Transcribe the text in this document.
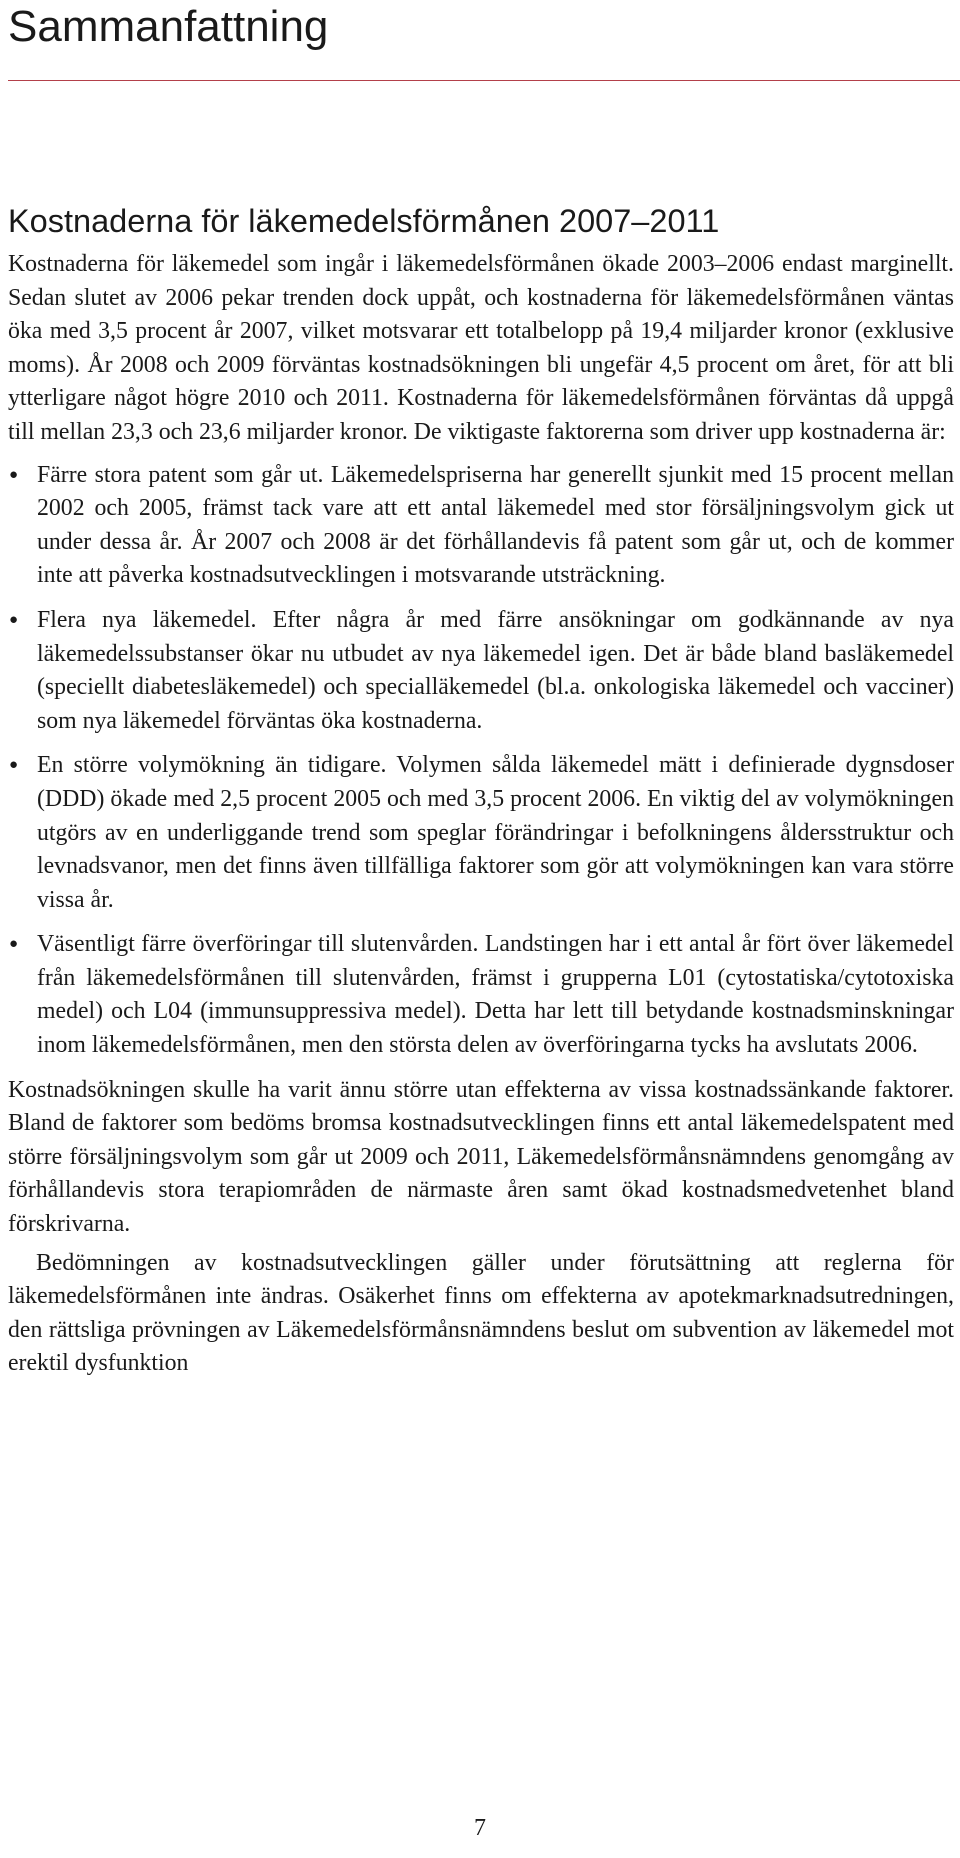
Sammanfattning
Kostnaderna för läkemedelsförmånen 2007–2011

Kostnaderna för läkemedel som ingår i läkemedelsförmånen ökade 2003–2006 endast marginellt. Sedan slutet av 2006 pekar trenden dock uppåt, och kostnaderna för läkemedelsförmånen väntas öka med 3,5 procent år 2007, vilket motsvarar ett totalbelopp på 19,4 miljarder kronor (exklusive moms). År 2008 och 2009 förväntas kostnadsökningen bli ungefär 4,5 procent om året, för att bli ytterligare något högre 2010 och 2011. Kostnaderna för läkemedelsförmånen förväntas då uppgå till mellan 23,3 och 23,6 miljarder kronor. De viktigaste faktorerna som driver upp kostnaderna är:

● Färre stora patent som går ut. Läkemedelspriserna har generellt sjunkit med 15 procent mellan 2002 och 2005, främst tack vare att ett antal läkemedel med stor försäljningsvolym gick ut under dessa år. År 2007 och 2008 är det förhållandevis få patent som går ut, och de kommer inte att påverka kostnadsutvecklingen i motsvarande utsträckning.
● Flera nya läkemedel. Efter några år med färre ansökningar om godkännande av nya läkemedelssubstanser ökar nu utbudet av nya läkemedel igen. Det är både bland basläkemedel (speciellt diabetesläkemedel) och specialläkemedel (bl.a. onkologiska läkemedel och vacciner) som nya läkemedel förväntas öka kostnaderna.
● En större volymökning än tidigare. Volymen sålda läkemedel mätt i definierade dygnsdoser (DDD) ökade med 2,5 procent 2005 och med 3,5 procent 2006. En viktig del av volymökningen utgörs av en underliggande trend som speglar förändringar i befolkningens åldersstruktur och levnadsvanor, men det finns även tillfälliga faktorer som gör att volymökningen kan vara större vissa år.
● Väsentligt färre överföringar till slutenvården. Landstingen har i ett antal år fört över läkemedel från läkemedelsförmånen till slutenvården, främst i grupperna L01 (cytostatiska/cytotoxiska medel) och L04 (immunsuppressiva medel). Detta har lett till betydande kostnadsminskningar inom läkemedelsförmånen, men den största delen av överföringarna tycks ha avslutats 2006.

Kostnadsökningen skulle ha varit ännu större utan effekterna av vissa kostnadssänkande faktorer. Bland de faktorer som bedöms bromsa kostnadsutvecklingen finns ett antal läkemedelspatent med större försäljningsvolym som går ut 2009 och 2011, Läkemedelsförmånsnämndens genomgång av förhållandevis stora terapiområden de närmaste åren samt ökad kostnadsmedvetenhet bland förskrivarna.

Bedömningen av kostnadsutvecklingen gäller under förutsättning att reglerna för läkemedelsförmånen inte ändras. Osäkerhet finns om effekterna av apotekmarknadsutredningen, den rättsliga prövningen av Läkemedelsförmånsnämndens beslut om subvention av läkemedel mot erektil dysfunktion

7
